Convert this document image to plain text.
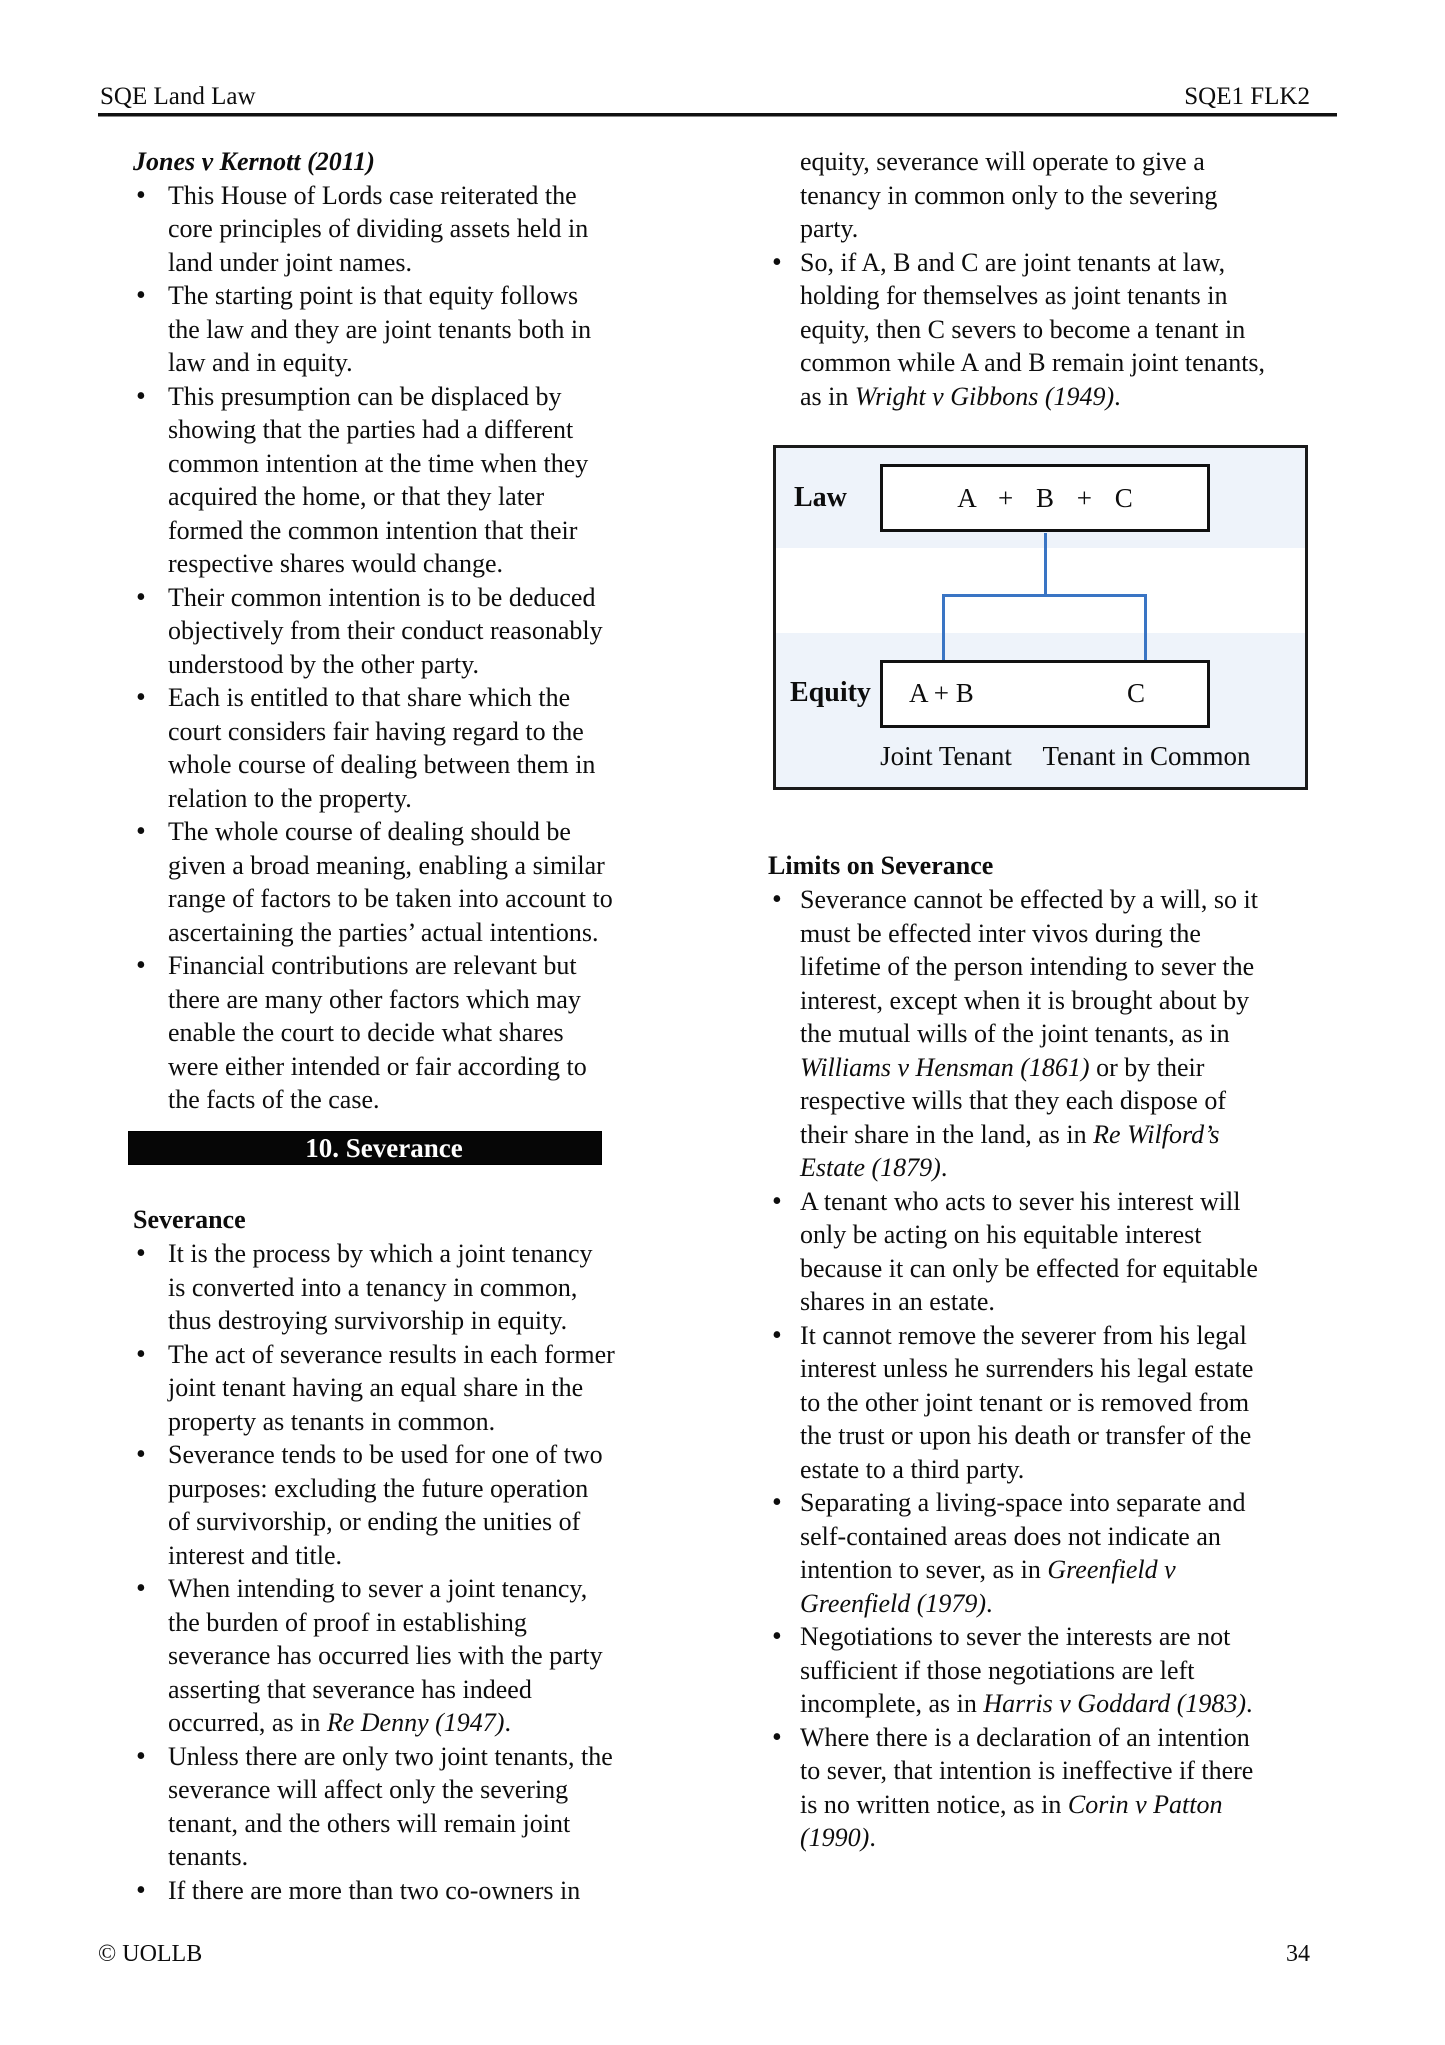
SQE Land Law	SQE1 FLK2
Jones v Kernott (2011)
• This House of Lords case reiterated the core principles of dividing assets held in land under joint names.
• The starting point is that equity follows the law and they are joint tenants both in law and in equity.
• This presumption can be displaced by showing that the parties had a different common intention at the time when they acquired the home, or that they later formed the common intention that their respective shares would change.
• Their common intention is to be deduced objectively from their conduct reasonably understood by the other party.
• Each is entitled to that share which the court considers fair having regard to the whole course of dealing between them in relation to the property.
• The whole course of dealing should be given a broad meaning, enabling a similar range of factors to be taken into account to ascertaining the parties’ actual intentions.
• Financial contributions are relevant but there are many other factors which may enable the court to decide what shares were either intended or fair according to the facts of the case.
10. Severance
Severance
• It is the process by which a joint tenancy is converted into a tenancy in common, thus destroying survivorship in equity.
• The act of severance results in each former joint tenant having an equal share in the property as tenants in common.
• Severance tends to be used for one of two purposes: excluding the future operation of survivorship, or ending the unities of interest and title.
• When intending to sever a joint tenancy, the burden of proof in establishing severance has occurred lies with the party asserting that severance has indeed occurred, as in Re Denny (1947).
• Unless there are only two joint tenants, the severance will affect only the severing tenant, and the others will remain joint tenants.
• If there are more than two co-owners in

equity, severance will operate to give a tenancy in common only to the severing party.

• So, if A, B and C are joint tenants at law, holding for themselves as joint tenants in equity, then C severs to become a tenant in common while A and B remain joint tenants, as in Wright v Gibbons (1949).
Law	A + B + C
Equity A + B	C
Joint Tenant	Tenant in Common
Limits on Severance
• Severance cannot be effected by a will, so it must be effected inter vivos during the lifetime of the person intending to sever the interest, except when it is brought about by the mutual wills of the joint tenants, as in Williams v Hensman (1861) or by their respective wills that they each dispose of their share in the land, as in Re Wilford’s Estate (1879).
• A tenant who acts to sever his interest will only be acting on his equitable interest because it can only be effected for equitable shares in an estate.
• It cannot remove the severer from his legal interest unless he surrenders his legal estate to the other joint tenant or is removed from the trust or upon his death or transfer of the estate to a third party.
• Separating a living-space into separate and self-contained areas does not indicate an intention to sever, as in Greenfield v Greenfield (1979).
• Negotiations to sever the interests are not sufficient if those negotiations are left incomplete, as in Harris v Goddard (1983).
• Where there is a declaration of an intention to sever, that intention is ineffective if there is no written notice, as in Corin v Patton (1990).
© UOLLB	34
